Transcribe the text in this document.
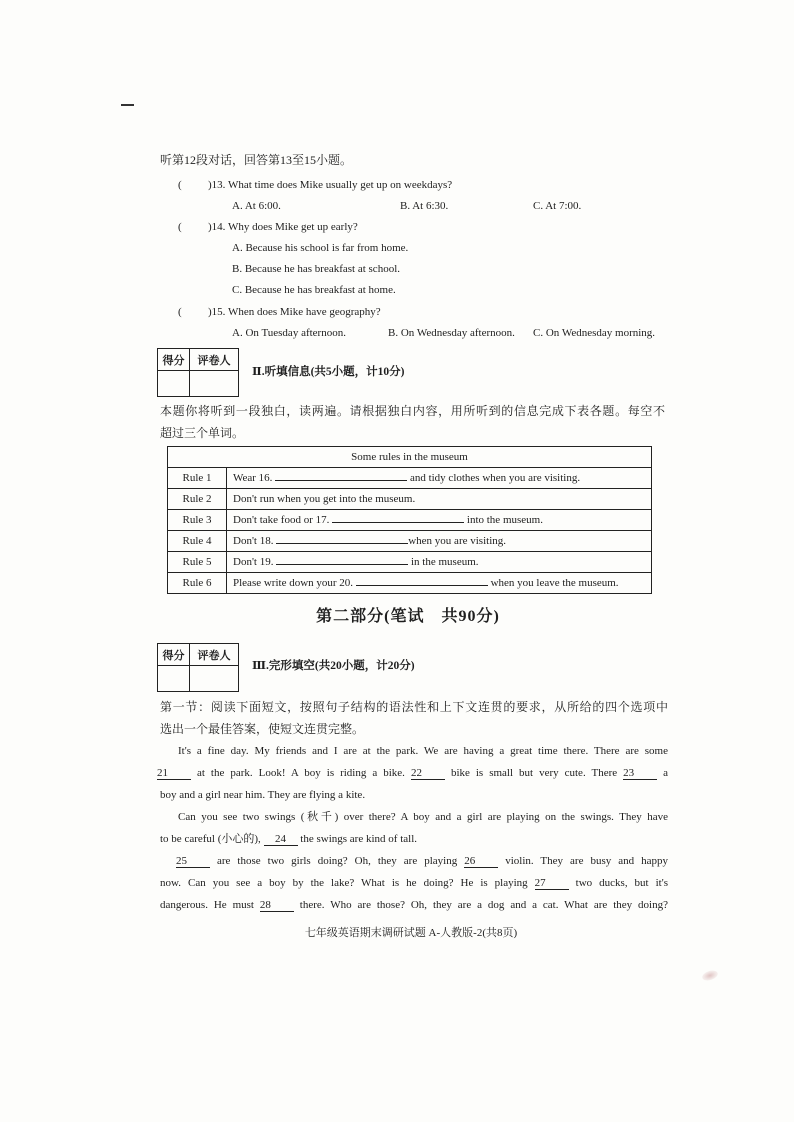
听第12段对话，回答第13至15小题。
( )13. What time does Mike usually get up on weekdays?
A. At 6:00.	B. At 6:30.	C. At 7:00.
( )14. Why does Mike get up early?
A. Because his school is far from home.
B. Because he has breakfast at school.
C. Because he has breakfast at home.
( )15. When does Mike have geography?
A. On Tuesday afternoon.	B. On Wednesday afternoon. C. On Wednesday morning.
得分	评卷人
Ⅱ.听填信息(共5小题，计10分)
本题你将听到一段独白，读两遍。请根据独白内容，用所听到的信息完成下表各题。每空不
超过三个单词。
Some rules in the museum	
Rule 1	Wear 16. and tidy clothes when you are visiting.
Rule 2	Don't run when you get into the museum.
Rule 3	Don't take food or 17. into the museum.
Rule 4	Don't 18. when you are visiting.
Rule 5	Don't 19. in the museum.
Rule 6	Please write down your 20. when you leave the museum.
第二部分(笔试　共90分)
得分	评卷人
Ⅲ.完形填空(共20小题，计20分)
第一节：阅读下面短文，按照句子结构的语法性和上下文连贯的要求，从所给的四个选项中
选出一个最佳答案，使短文连贯完整。
It's a fine day. My friends and I are at the park. We are having a great time there. There are some
21	at the park. Look! A boy is riding a bike. 22	bike is small but very cute. There 23	a
boy and a girl near him. They are flying a kite.
Can you see two swings (秋千) over there? A boy and a girl are playing on the swings. They have
to be careful (小心的), 24 the swings are kind of tall.
25	are those two girls doing? Oh, they are playing 26	violin. They are busy and happy
now. Can you see a boy by the lake? What is he doing? He is playing 27	two ducks, but it's
dangerous. He must 28	there. Who are those? Oh, they are a dog and a cat. What are they doing?
七年级英语期末调研试题 A-人教版-2(共8页)
